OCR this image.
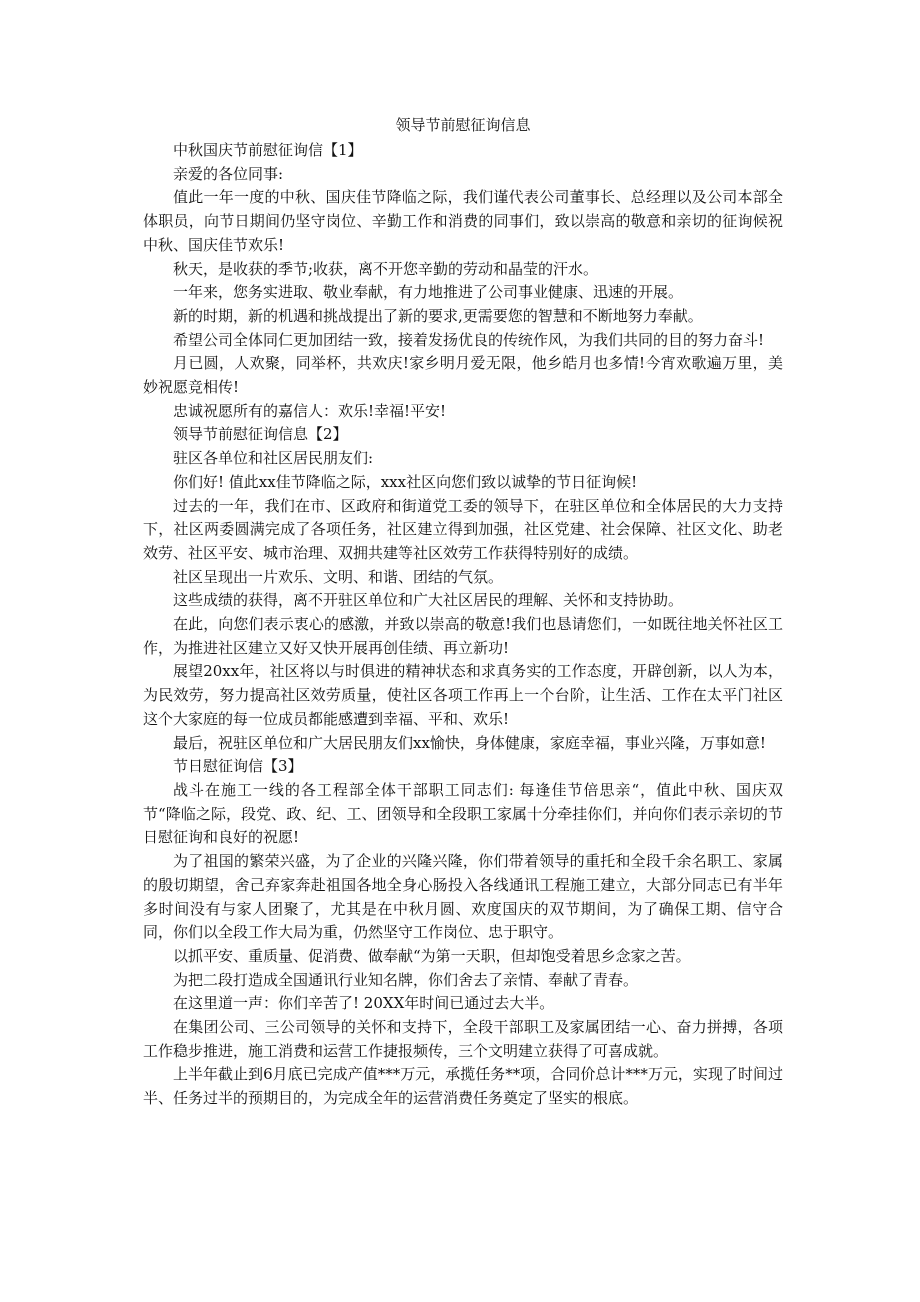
领导节前慰征询信息

中秋国庆节前慰征询信【1】

亲爱的各位同事:

值此一年一度的中秋、国庆佳节降临之际，我们谨代表公司董事长、总经理以及公司本部全体职员，向节日期间仍坚守岗位、辛勤工作和消费的同事们，致以崇高的敬意和亲切的征询候祝中秋、国庆佳节欢乐!

秋天，是收获的季节;收获，离不开您辛勤的劳动和晶莹的汗水。

一年来，您务实进取、敬业奉献，有力地推进了公司事业健康、迅速的开展。

新的时期，新的机遇和挑战提出了新的要求,更需要您的智慧和不断地努力奉献。

希望公司全体同仁更加团结一致，接着发扬优良的传统作风，为我们共同的目的努力奋斗!

月已圆，人欢聚，同举杯，共欢庆!家乡明月爱无限，他乡皓月也多情!今宵欢歌遍万里，美妙祝愿竞相传!

忠诚祝愿所有的嘉信人：欢乐!幸福!平安!

领导节前慰征询信息【2】

驻区各单位和社区居民朋友们:

你们好! 值此xx佳节降临之际，xxx社区向您们致以诚挚的节日征询候!

过去的一年，我们在市、区政府和街道党工委的领导下，在驻区单位和全体居民的大力支持下，社区两委圆满完成了各项任务，社区建立得到加强，社区党建、社会保障、社区文化、助老效劳、社区平安、城市治理、双拥共建等社区效劳工作获得特别好的成绩。

社区呈现出一片欢乐、文明、和谐、团结的气氛。

这些成绩的获得，离不开驻区单位和广大社区居民的理解、关怀和支持协助。

在此，向您们表示衷心的感激，并致以崇高的敬意!我们也恳请您们，一如既往地关怀社区工作，为推进社区建立又好又快开展再创佳绩、再立新功!

展望20xx年，社区将以与时俱进的精神状态和求真务实的工作态度，开辟创新，以人为本，为民效劳，努力提高社区效劳质量，使社区各项工作再上一个台阶，让生活、工作在太平门社区这个大家庭的每一位成员都能感遭到幸福、平和、欢乐!

最后，祝驻区单位和广大居民朋友们xx愉快，身体健康，家庭幸福，事业兴隆，万事如意!

节日慰征询信【3】

战斗在施工一线的各工程部全体干部职工同志们: 每逢佳节倍思亲“，值此中秋、国庆双节“降临之际，段党、政、纪、工、团领导和全段职工家属十分牵挂你们，并向你们表示亲切的节日慰征询和良好的祝愿!

为了祖国的繁荣兴盛，为了企业的兴隆兴隆，你们带着领导的重托和全段千余名职工、家属的殷切期望，舍己弃家奔赴祖国各地全身心肠投入各线通讯工程施工建立，大部分同志已有半年多时间没有与家人团聚了，尤其是在中秋月圆、欢度国庆的双节期间，为了确保工期、信守合同，你们以全段工作大局为重，仍然坚守工作岗位、忠于职守。

以抓平安、重质量、促消费、做奉献“为第一天职，但却饱受着思乡念家之苦。

为把二段打造成全国通讯行业知名牌，你们舍去了亲情、奉献了青春。

在这里道一声：你们辛苦了! 20XX年时间已通过去大半。

在集团公司、三公司领导的关怀和支持下，全段干部职工及家属团结一心、奋力拼搏，各项工作稳步推进，施工消费和运营工作捷报频传，三个文明建立获得了可喜成就。

上半年截止到6月底已完成产值***万元，承揽任务**项，合同价总计***万元，实现了时间过半、任务过半的预期目的，为完成全年的运营消费任务奠定了坚实的根底。
